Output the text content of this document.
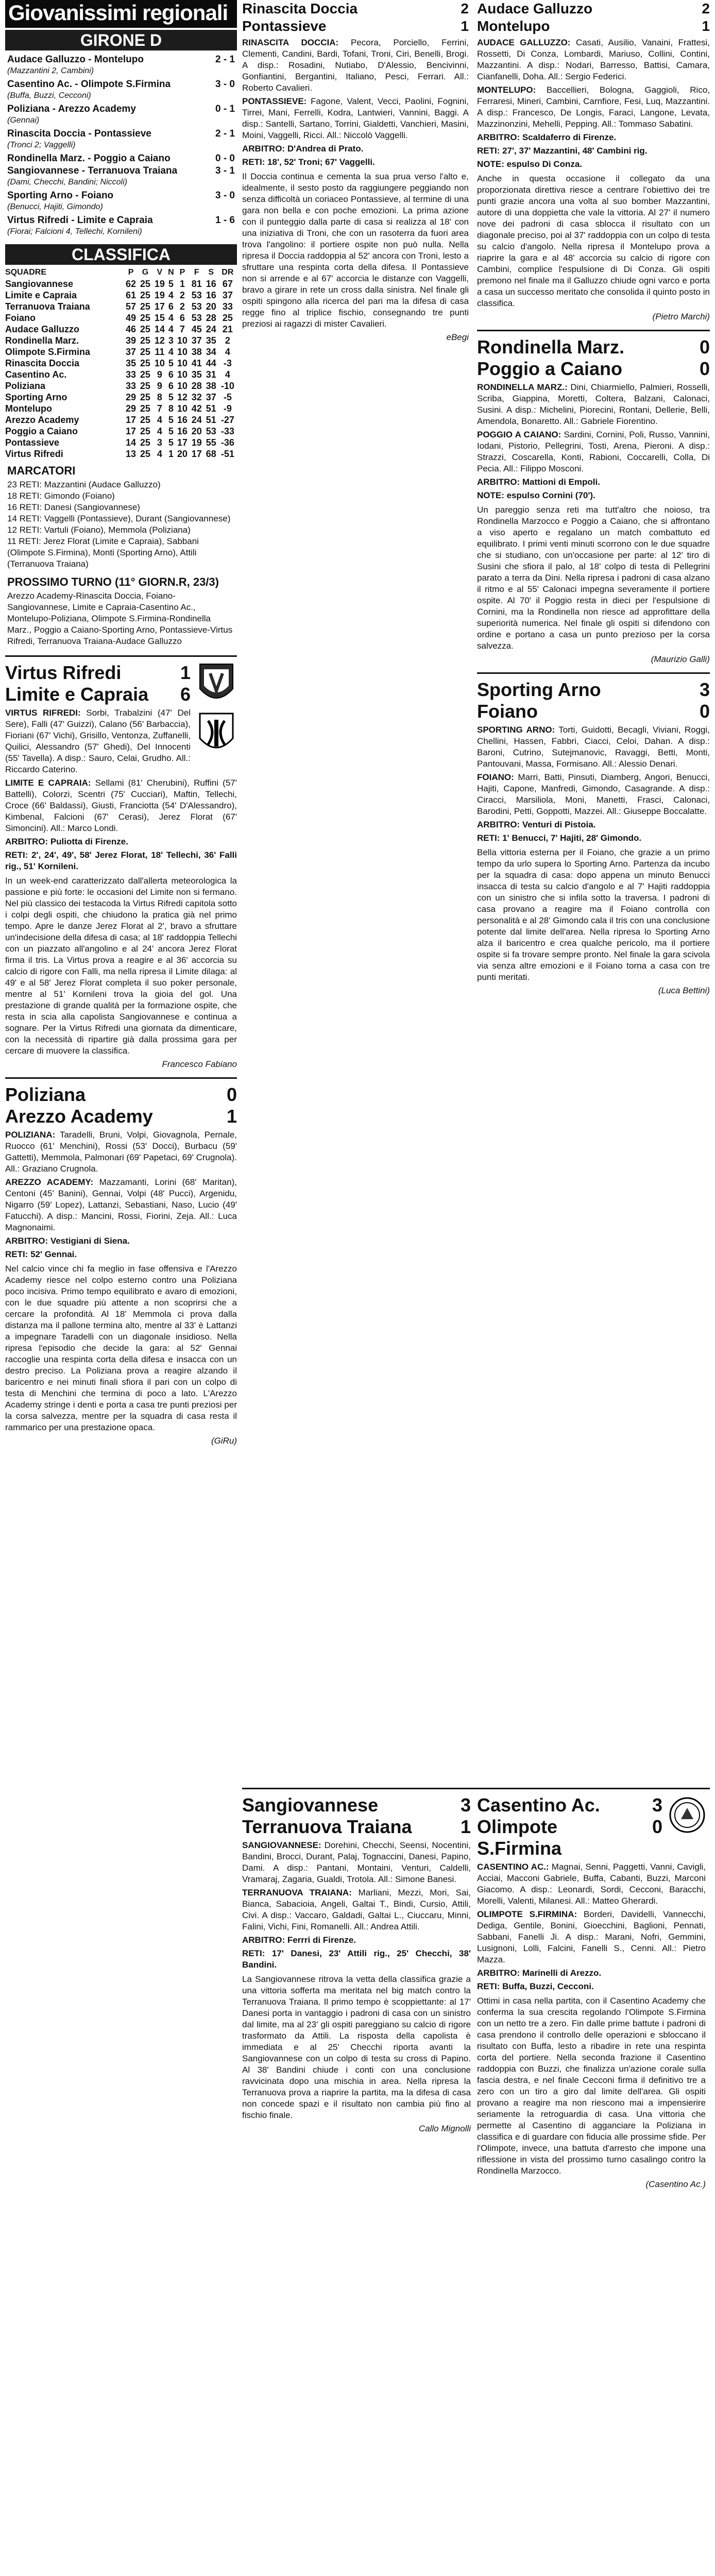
Giovanissimi regionali
GIRONE D
Audace Galluzzo - Montelupo	2 - 1
(Mazzantini 2, Cambini)
Casentino Ac. - Olimpote S.Firmina	3 - 0
(Buffa, Buzzi, Cecconi)
Poliziana - Arezzo Academy	0 - 1
(Gennai)
Rinascita Doccia - Pontassieve	2 - 1
(Tronci 2; Vaggelli)
Rondinella Marz. - Poggio a Caiano	0 - 0
Sangiovannese - Terranuova Traiana	3 - 1
(Dami, Checchi, Bandini; Niccoli)
Sporting Arno - Foiano	3 - 0
(Benucci, Hajiti, Gimondo)
Virtus Rifredi - Limite e Capraia	1 - 6
(Fiorai; Falcioni 4, Tellechi, Kornileni)
CLASSIFICA
SQUADRE	P	G	V	N	P	F	S	DR
Sangiovannese	62	25	19	5	1	81	16	67
Limite e Capraia	61	25	19	4	2	53	16	37
Terranuova Traiana	57	25	17	6	2	53	20	33
Foiano	49	25	15	4	6	53	28	25
Audace Galluzzo	46	25	14	4	7	45	24	21
Rondinella Marz.	39	25	12	3	10	37	35	2
Olimpote S.Firmina	37	25	11	4	10	38	34	4
Rinascita Doccia	35	25	10	5	10	41	44	-3
Casentino Ac.	33	25	9	6	10	35	31	4
Poliziana	33	25	9	6	10	28	38	-10
Sporting Arno	29	25	8	5	12	32	37	-5
Montelupo	29	25	7	8	10	42	51	-9
Arezzo Academy	17	25	4	5	16	24	51	-27
Poggio a Caiano	17	25	4	5	16	20	53	-33
Pontassieve	14	25	3	5	17	19	55	-36
Virtus Rifredi	13	25	4	1	20	17	68	-51
MARCATORI
23 RETI: Mazzantini (Audace Galluzzo)
18 RETI: Gimondo (Foiano)
16 RETI: Danesi (Sangiovannese)
14 RETI: Vaggelli (Pontassieve), Durant (Sangiovannese)
12 RETI: Vartuli (Foiano), Memmola (Poliziana)
11 RETI: Jerez Florat (Limite e Capraia), Sabbani (Olimpote S.Firmina), Monti (Sporting Arno), Attili (Terranuova Traiana)
PROSSIMO TURNO (11° GIORN.R, 23/3)
Arezzo Academy-Rinascita Doccia, Foiano-Sangiovannese, Limite e Capraia-Casentino Ac., Montelupo-Poliziana, Olimpote S.Firmina-Rondinella Marz., Poggio a Caiano-Sporting Arno, Pontassieve-Virtus Rifredi, Terranuova Traiana-Audace Galluzzo
Virtus Rifredi	1
Limite e Capraia	6
VIRTUS RIFREDI: Sorbi, Trabalzini (47' Del Sere), Falli (47' Guizzi), Calano (56' Barbaccia), Fioriani (67' Vichi), Grisillo, Ventonza, Zuffanelli, Quilici, Alessandro (57' Ghedi), Del Innocenti (55' Tavella). A disp.: Sauro, Celai, Grudho. All.: Riccardo Caterino.
LIMITE E CAPRAIA: Sellami (81' Cherubini), Ruffini (57' Battelli), Colorzi, Scentri (75' Cucciari), Maftin, Tellechi, Croce (66' Baldassi), Giusti, Franciotta (54' D'Alessandro), Kimbenal, Falcioni (67' Cerasi), Jerez Florat (67' Simoncini). All.: Marco Londi.
ARBITRO: Puliotta di Firenze.
RETI: 2', 24', 49', 58' Jerez Florat, 18' Tellechi, 36' Falli rig., 51' Kornileni.
In un week-end caratterizzato dall'allerta meteorologica la passione e più forte: le occasioni del Limite non si fermano. Nel più classico dei testacoda la Virtus Rifredi capitola sotto i colpi degli ospiti, che chiudono la pratica già nel primo tempo. Apre le danze Jerez Florat al 2', bravo a sfruttare un'indecisione della difesa di casa; al 18' raddoppia Tellechi con un piazzato all'angolino e al 24' ancora Jerez Florat firma il tris. La Virtus prova a reagire e al 36' accorcia su calcio di rigore con Falli, ma nella ripresa il Limite dilaga: al 49' e al 58' Jerez Florat completa il suo poker personale, mentre al 51' Kornileni trova la gioia del gol. Una prestazione di grande qualità per la formazione ospite, che resta in scia alla capolista Sangiovannese e continua a sognare. Per la Virtus Rifredi una giornata da dimenticare, con la necessità di ripartire già dalla prossima gara per cercare di muovere la classifica.
Francesco Fabiano
Poliziana	0
Arezzo Academy	1
POLIZIANA: Taradelli, Bruni, Volpi, Giovagnola, Pernale, Ruocco (61' Menchini), Rossi (53' Docci), Burbacu (59' Gattetti), Memmola, Palmonari (69' Papetaci, 69' Crugnola). All.: Graziano Crugnola.
AREZZO ACADEMY: Mazzamanti, Lorini (68' Maritan), Centoni (45' Banini), Gennai, Volpi (48' Pucci), Argenidu, Nigarro (59' Lopez), Lattanzi, Sebastiani, Naso, Lucio (49' Fatucchi). A disp.: Mancini, Rossi, Fiorini, Zeja. All.: Luca Magnonaimi.
ARBITRO: Vestigiani di Siena.
RETI: 52' Gennai.
Nel calcio vince chi fa meglio in fase offensiva e l'Arezzo Academy riesce nel colpo esterno contro una Poliziana poco incisiva. Primo tempo equilibrato e avaro di emozioni, con le due squadre più attente a non scoprirsi che a cercare la profondità. Al 18' Memmola ci prova dalla distanza ma il pallone termina alto, mentre al 33' è Lattanzi a impegnare Taradelli con un diagonale insidioso. Nella ripresa l'episodio che decide la gara: al 52' Gennai raccoglie una respinta corta della difesa e insacca con un destro preciso. La Poliziana prova a reagire alzando il baricentro e nei minuti finali sfiora il pari con un colpo di testa di Menchini che termina di poco a lato. L'Arezzo Academy stringe i denti e porta a casa tre punti preziosi per la corsa salvezza, mentre per la squadra di casa resta il rammarico per una prestazione opaca.
(GiRu)
Rinascita Doccia	2
Pontassieve	1
RINASCITA DOCCIA: Pecora, Porciello, Ferrini, Clementi, Candini, Bardi, Tofani, Troni, Ciri, Benelli, Brogi. A disp.: Rosadini, Nutiabo, D'Alessio, Bencivinni, Gonfiantini, Bergantini, Italiano, Pesci, Ferrari. All.: Roberto Cavalieri.
PONTASSIEVE: Fagone, Valent, Vecci, Paolini, Fognini, Tirrei, Mani, Ferrelli, Kodra, Lantwieri, Vannini, Baggi. A disp.: Santelli, Sartano, Torrini, Gialdetti, Vanchieri, Masini, Moini, Vaggelli, Ricci. All.: Niccolò Vaggelli.
ARBITRO: D'Andrea di Prato.
RETI: 18', 52' Troni; 67' Vaggelli.
Il Doccia continua e cementa la sua prua verso l'alto e, idealmente, il sesto posto da raggiungere peggiando non senza difficoltà un coriaceo Pontassieve, al termine di una gara non bella e con poche emozioni. La prima azione con il punteggio dalla parte di casa si realizza al 18' con una iniziativa di Troni, che con un rasoterra da fuori area trova l'angolino: il portiere ospite non può nulla. Nella ripresa il Doccia raddoppia al 52' ancora con Troni, lesto a sfruttare una respinta corta della difesa. Il Pontassieve non si arrende e al 67' accorcia le distanze con Vaggelli, bravo a girare in rete un cross dalla sinistra. Nel finale gli ospiti spingono alla ricerca del pari ma la difesa di casa regge fino al triplice fischio, consegnando tre punti preziosi ai ragazzi di mister Cavalieri.
eBegi
Audace Galluzzo	2
Montelupo	1
AUDACE GALLUZZO: Casati, Ausilio, Vanaini, Frattesi, Rossetti, Di Conza, Lombardi, Mariuso, Collini, Contini, Mazzantini. A disp.: Nodari, Barresso, Battisi, Camara, Cianfanelli, Doha. All.: Sergio Federici.
MONTELUPO: Baccellieri, Bologna, Gaggioli, Rico, Ferraresi, Mineri, Cambini, Carnfiore, Fesi, Luq, Mazzantini. A disp.: Francesco, De Longis, Faraci, Langone, Levata, Mazzinonzini, Mehelli, Pepping. All.: Tommaso Sabatini.
ARBITRO: Scaldaferro di Firenze.
RETI: 27', 37' Mazzantini, 48' Cambini rig.
NOTE: espulso Di Conza.
Anche in questa occasione il collegato da una proporzionata direttiva riesce a centrare l'obiettivo dei tre punti grazie ancora una volta al suo bomber Mazzantini, autore di una doppietta che vale la vittoria. Al 27' il numero nove dei padroni di casa sblocca il risultato con un diagonale preciso, poi al 37' raddoppia con un colpo di testa su calcio d'angolo. Nella ripresa il Montelupo prova a riaprire la gara e al 48' accorcia su calcio di rigore con Cambini, complice l'espulsione di Di Conza. Gli ospiti premono nel finale ma il Galluzzo chiude ogni varco e porta a casa un successo meritato che consolida il quinto posto in classifica.
(Pietro Marchi)
Rondinella Marz.	0
Poggio a Caiano	0
RONDINELLA MARZ.: Dini, Chiarmiello, Palmieri, Rosselli, Scriba, Giappina, Moretti, Coltera, Balzani, Calonaci, Susini. A disp.: Michelini, Piorecini, Rontani, Dellerie, Belli, Amendola, Bonaretto. All.: Gabriele Fiorentino.
POGGIO A CAIANO: Sardini, Cornini, Poli, Russo, Vannini, Iodani, Pistorio, Pellegrini, Tosti, Arena, Pieroni. A disp.: Strazzi, Coscarella, Konti, Rabioni, Coccarelli, Colla, Di Pecia. All.: Filippo Mosconi.
ARBITRO: Mattioni di Empoli.
NOTE: espulso Cornini (70').
Un pareggio senza reti ma tutt'altro che noioso, tra Rondinella Marzocco e Poggio a Caiano, che si affrontano a viso aperto e regalano un match combattuto ed equilibrato. I primi venti minuti scorrono con le due squadre che si studiano, con un'occasione per parte: al 12' tiro di Susini che sfiora il palo, al 18' colpo di testa di Pellegrini parato a terra da Dini. Nella ripresa i padroni di casa alzano il ritmo e al 55' Calonaci impegna severamente il portiere ospite. Al 70' il Poggio resta in dieci per l'espulsione di Cornini, ma la Rondinella non riesce ad approfittare della superiorità numerica. Nel finale gli ospiti si difendono con ordine e portano a casa un punto prezioso per la corsa salvezza.
(Maurizio Galli)
Sporting Arno	3
Foiano	0
SPORTING ARNO: Torti, Guidotti, Becagli, Viviani, Roggi, Chellini, Hassen, Fabbri, Ciacci, Celoi, Dahan. A disp.: Baroni, Cutrino, Sutejmanovic, Ravaggi, Betti, Monti, Pantouvani, Massa, Formisano. All.: Alessio Denari.
FOIANO: Marri, Batti, Pinsuti, Diamberg, Angori, Benucci, Hajiti, Capone, Manfredi, Gimondo, Casagrande. A disp.: Ciracci, Marsiliola, Moni, Manetti, Frasci, Calonaci, Barodini, Petti, Goppotti, Mazzei. All.: Giuseppe Boccalatte.
ARBITRO: Venturi di Pistoia.
RETI: 1' Benucci, 7' Hajiti, 28' Gimondo.
Bella vittoria esterna per il Foiano, che grazie a un primo tempo da urlo supera lo Sporting Arno. Partenza da incubo per la squadra di casa: dopo appena un minuto Benucci insacca di testa su calcio d'angolo e al 7' Hajiti raddoppia con un sinistro che si infila sotto la traversa. I padroni di casa provano a reagire ma il Foiano controlla con personalità e al 28' Gimondo cala il tris con una conclusione potente dal limite dell'area. Nella ripresa lo Sporting Arno alza il baricentro e crea qualche pericolo, ma il portiere ospite si fa trovare sempre pronto. Nel finale la gara scivola via senza altre emozioni e il Foiano torna a casa con tre punti meritati.
(Luca Bettini)
Sangiovannese	3
Terranuova Traiana	1
SANGIOVANNESE: Dorehini, Checchi, Seensi, Nocentini, Bandini, Brocci, Durant, Palaj, Tognaccini, Danesi, Papino, Dami. A disp.: Pantani, Montaini, Venturi, Caldelli, Vramaraj, Zagaria, Gualdi, Trotola. All.: Simone Banesi.
TERRANUOVA TRAIANA: Marliani, Mezzi, Mori, Sai, Bianca, Sabacioia, Angeli, Galtai T., Bindi, Cursio, Attili, Civi. A disp.: Vaccaro, Galdadi, Galtai L., Ciuccaru, Minni, Falini, Vichi, Fini, Romanelli. All.: Andrea Attili.
ARBITRO: Ferrri di Firenze.
RETI: 17' Danesi, 23' Attili rig., 25' Checchi, 38' Bandini.
La Sangiovannese ritrova la vetta della classifica grazie a una vittoria sofferta ma meritata nel big match contro la Terranuova Traiana. Il primo tempo è scoppiettante: al 17' Danesi porta in vantaggio i padroni di casa con un sinistro dal limite, ma al 23' gli ospiti pareggiano su calcio di rigore trasformato da Attili. La risposta della capolista è immediata e al 25' Checchi riporta avanti la Sangiovannese con un colpo di testa su cross di Papino. Al 38' Bandini chiude i conti con una conclusione ravvicinata dopo una mischia in area. Nella ripresa la Terranuova prova a riaprire la partita, ma la difesa di casa non concede spazi e il risultato non cambia più fino al fischio finale.
Callo Mignolli
Casentino Ac.	3
Olimpote S.Firmina
0
CASENTINO AC.: Magnai, Senni, Paggetti, Vanni, Cavigli, Acciai, Macconi Gabriele, Buffa, Cabanti, Buzzi, Marconi Giacomo. A disp.: Leonardi, Sordi, Cecconi, Baracchi, Morelli, Valenti, Milanesi. All.: Matteo Gherardi.
OLIMPOTE S.FIRMINA: Borderi, Davidelli, Vannecchi, Dediga, Gentile, Bonini, Gioecchini, Baglioni, Pennati, Sabbani, Fanelli Ji. A disp.: Marani, Nofri, Gemmini, Lusignoni, Lolli, Falcini, Fanelli S., Cenni. All.: Pietro Mazza.
ARBITRO: Marinelli di Arezzo.
RETI: Buffa, Buzzi, Cecconi.
Ottimi in casa nella partita, con il Casentino Academy che conferma la sua crescita regolando l'Olimpote S.Firmina con un netto tre a zero. Fin dalle prime battute i padroni di casa prendono il controllo delle operazioni e sbloccano il risultato con Buffa, lesto a ribadire in rete una respinta corta del portiere. Nella seconda frazione il Casentino raddoppia con Buzzi, che finalizza un'azione corale sulla fascia destra, e nel finale Cecconi firma il definitivo tre a zero con un tiro a giro dal limite dell'area. Gli ospiti provano a reagire ma non riescono mai a impensierire seriamente la retroguardia di casa. Una vittoria che permette al Casentino di agganciare la Poliziana in classifica e di guardare con fiducia alle prossime sfide. Per l'Olimpote, invece, una battuta d'arresto che impone una riflessione in vista del prossimo turno casalingo contro la Rondinella Marzocco.
(Casentino Ac.)
